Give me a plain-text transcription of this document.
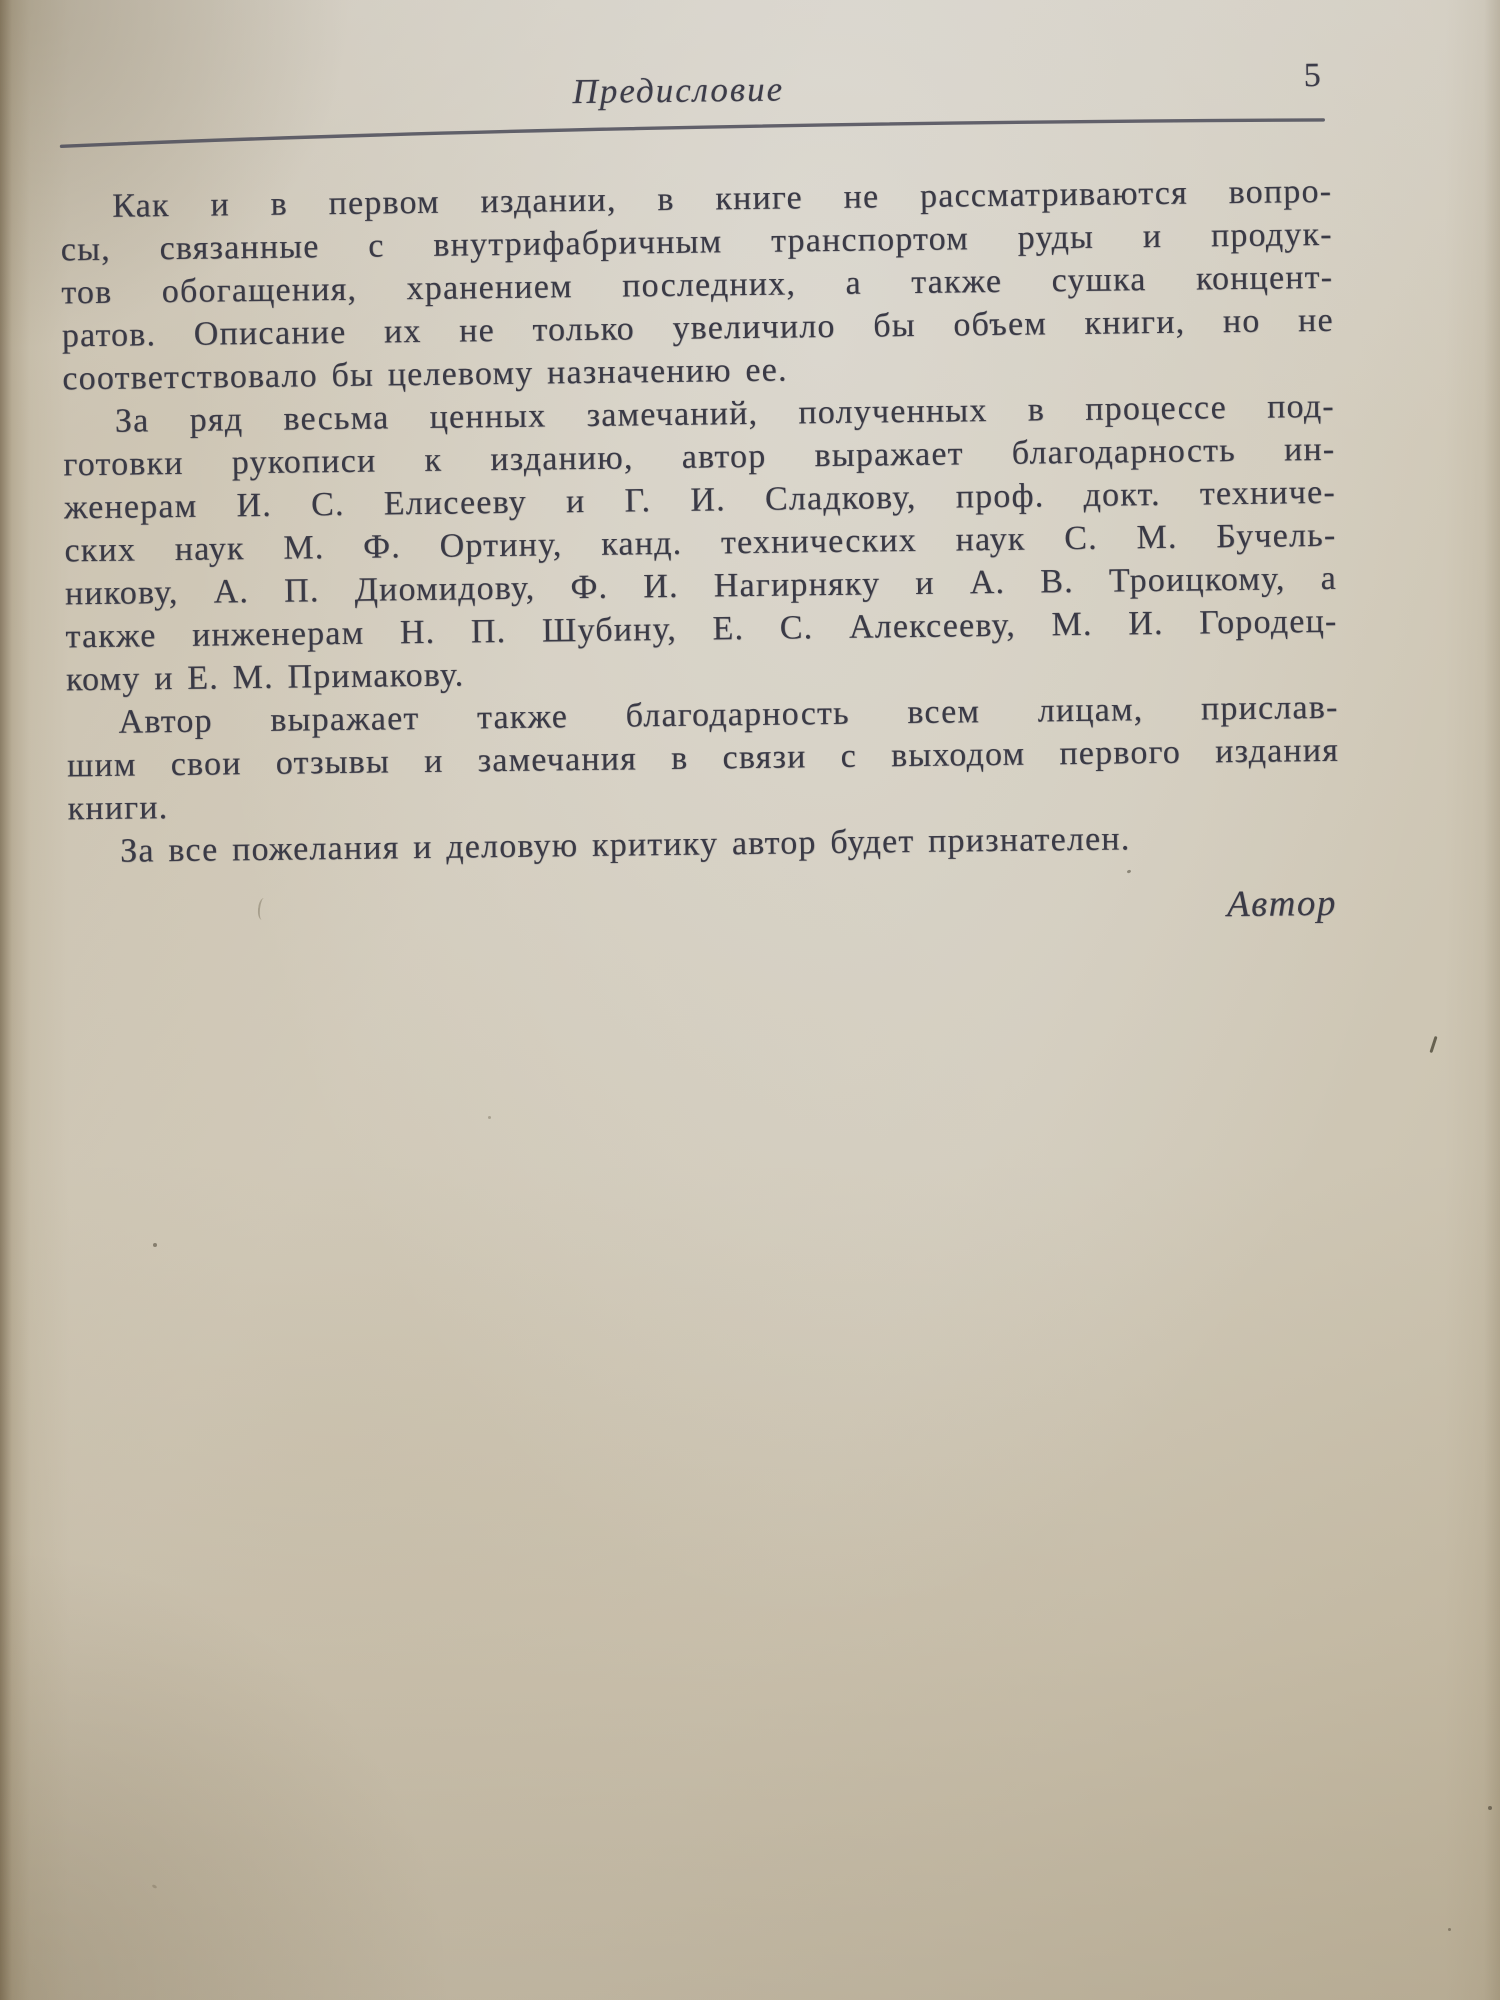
Предисловие	5
Как и в первом издании, в книге не рассматриваются вопро-
сы, связанные с внутрифабричным транспортом руды и продук-
тов обогащения, хранением последних, а также сушка концент-
ратов. Описание их не только увеличило бы объем книги, но не
соответствовало бы целевому назначению ее.
За ряд весьма ценных замечаний, полученных в процессе под-
готовки рукописи к изданию, автор выражает благодарность ин-
женерам И. С. Елисееву и Г. И. Сладкову, проф. докт. техниче-
ских наук М. Ф. Ортину, канд. технических наук С. М. Бучель-
никову, А. П. Диомидову, Ф. И. Нагирняку и А. В. Троицкому, а
также инженерам Н. П. Шубину, Е. С. Алексееву, М. И. Городец-
кому и Е. М. Примакову.
Автор выражает также благодарность всем лицам, прислав-
шим свои отзывы и замечания в связи с выходом первого издания
книги.
За все пожелания и деловую критику автор будет признателен.
Автор
